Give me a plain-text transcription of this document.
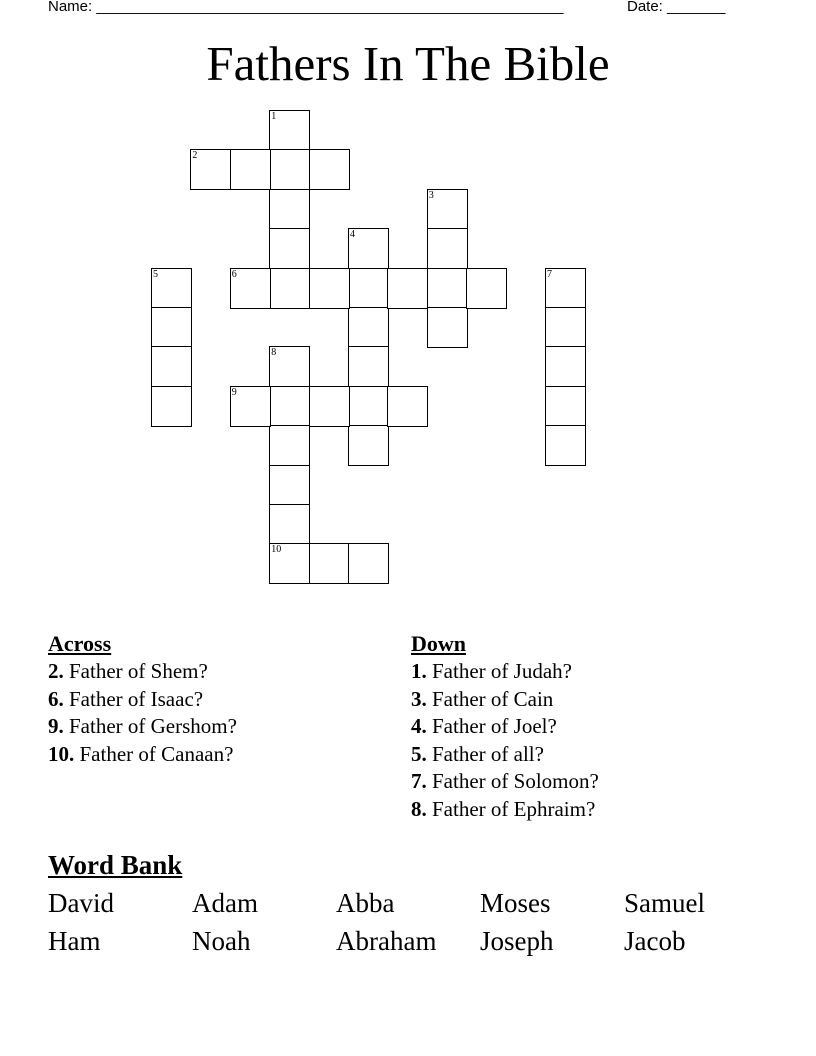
Name: ________________________________________________________	Date: _______
Fathers In The Bible
1
2
3
4
5	6	7
8
10
9
Across
2. Father of Shem?
6. Father of Isaac?
9. Father of Gershom?
10. Father of Canaan?
Down
1. Father of Judah?
3. Father of Cain
4. Father of Joel?
5. Father of all?
7. Father of Solomon?
8. Father of Ephraim?
Word Bank
David	Adam	Abba	Moses	Samuel
Ham	Noah	Abraham	Joseph	Jacob
